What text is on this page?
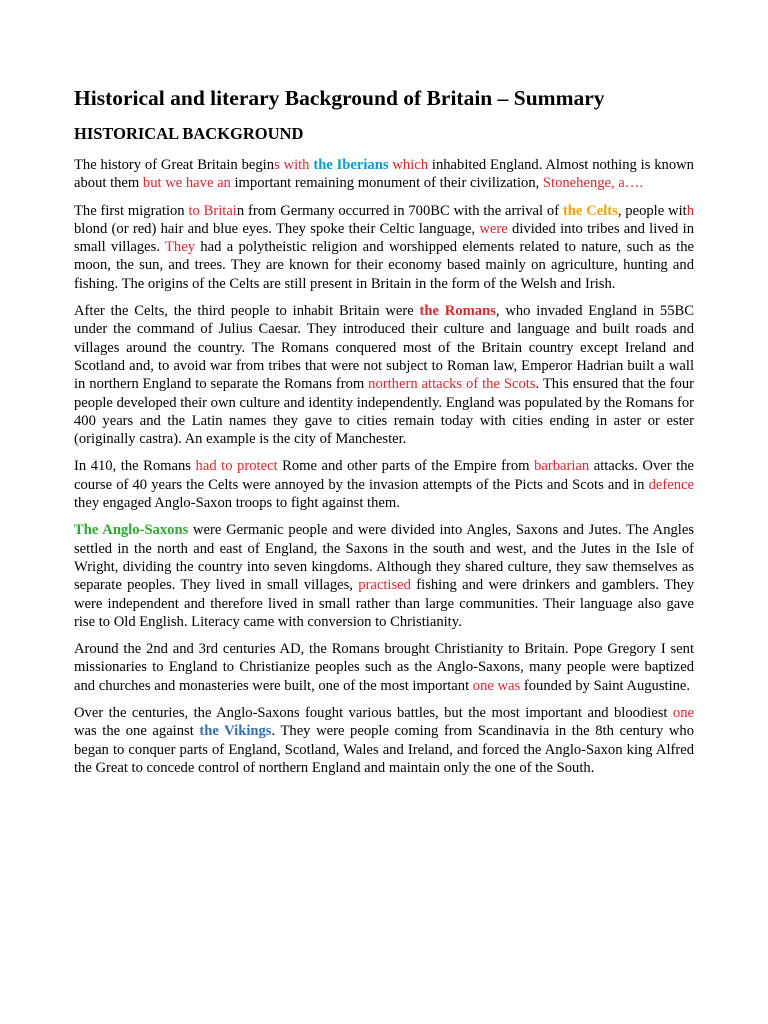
Historical and literary Background of Britain – Summary
HISTORICAL BACKGROUND

The history of Great Britain begins with the Iberians which inhabited England. Almost nothing is known about them but we have an important remaining monument of their civilization, Stonehenge, a….

The first migration to Britain from Germany occurred in 700BC with the arrival of the Celts, people with blond (or red) hair and blue eyes. They spoke their Celtic language, were divided into tribes and lived in small villages. They had a polytheistic religion and worshipped elements related to nature, such as the moon, the sun, and trees. They are known for their economy based mainly on agriculture, hunting and fishing. The origins of the Celts are still present in Britain in the form of the Welsh and Irish.

After the Celts, the third people to inhabit Britain were the Romans, who invaded England in 55BC under the command of Julius Caesar. They introduced their culture and language and built roads and villages around the country. The Romans conquered most of the Britain country except Ireland and Scotland and, to avoid war from tribes that were not subject to Roman law, Emperor Hadrian built a wall in northern England to separate the Romans from northern attacks of the Scots. This ensured that the four people developed their own culture and identity independently. England was populated by the Romans for 400 years and the Latin names they gave to cities remain today with cities ending in aster or ester (originally castra). An example is the city of Manchester.

In 410, the Romans had to protect Rome and other parts of the Empire from barbarian attacks. Over the course of 40 years the Celts were annoyed by the invasion attempts of the Picts and Scots and in defence they engaged Anglo-Saxon troops to fight against them.

The Anglo-Saxons were Germanic people and were divided into Angles, Saxons and Jutes. The Angles settled in the north and east of England, the Saxons in the south and west, and the Jutes in the Isle of Wright, dividing the country into seven kingdoms. Although they shared culture, they saw themselves as separate peoples. They lived in small villages, practised fishing and were drinkers and gamblers. They were independent and therefore lived in small rather than large communities. Their language also gave rise to Old English. Literacy came with conversion to Christianity.

Around the 2nd and 3rd centuries AD, the Romans brought Christianity to Britain. Pope Gregory I sent missionaries to England to Christianize peoples such as the Anglo-Saxons, many people were baptized and churches and monasteries were built, one of the most important one was founded by Saint Augustine.

Over the centuries, the Anglo-Saxons fought various battles, but the most important and bloodiest one was the one against the Vikings. They were people coming from Scandinavia in the 8th century who began to conquer parts of England, Scotland, Wales and Ireland, and forced the Anglo-Saxon king Alfred the Great to concede control of northern England and maintain only the one of the South.
